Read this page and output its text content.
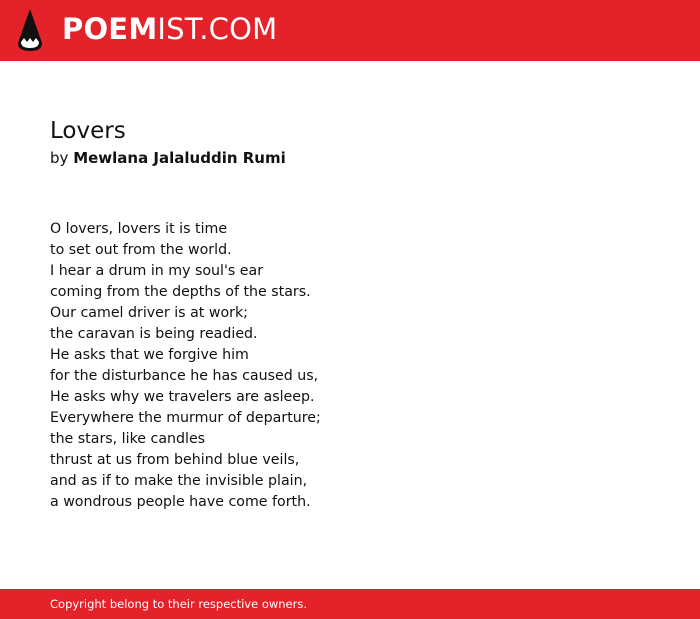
POEM IST.COM
Lovers
by Mewlana Jalaluddin Rumi
O lovers, lovers it is time
to set out from the world.
I hear a drum in my soul's ear
coming from the depths of the stars.
Our camel driver is at work;
the caravan is being readied.
He asks that we forgive him
for the disturbance he has caused us,
He asks why we travelers are asleep.
Everywhere the murmur of departure;
the stars, like candles
thrust at us from behind blue veils,
and as if to make the invisible plain,
a wondrous people have come forth.
Copyright belong to their respective owners.
